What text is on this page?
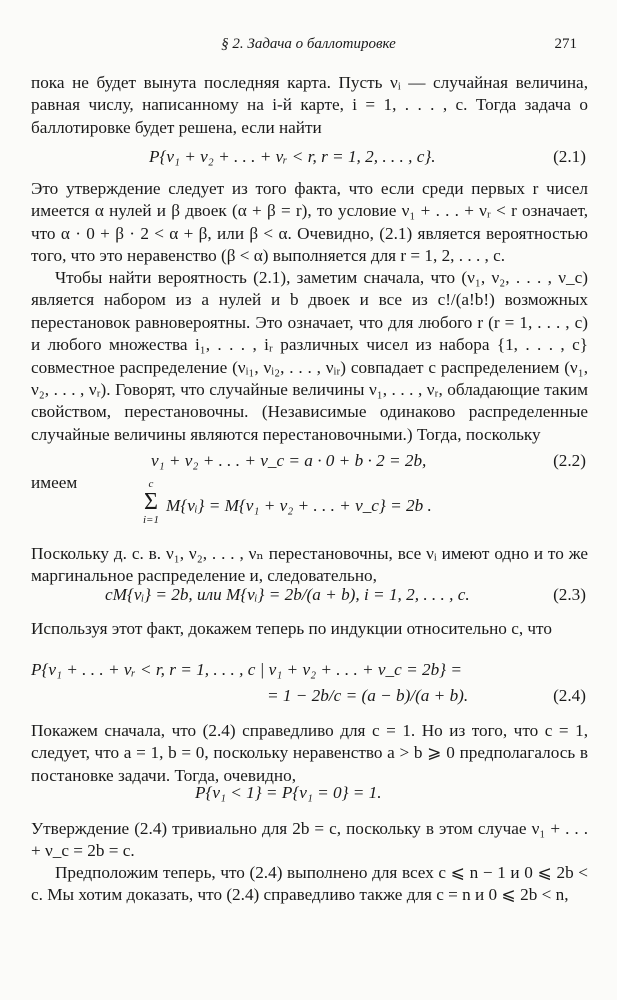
§ 2. Задача о баллотировке	271

пока не будет вынута последняя карта. Пусть νᵢ — случайная величина, равная числу, написанному на i-й карте, i = 1, . . . , c. Тогда задача о баллотировке будет решена, если найти

P{ν₁ + ν₂ + . . . + νᵣ < r, r = 1, 2, . . . , c}.	(2.1)

Это утверждение следует из того факта, что если среди первых r чисел имеется α нулей и β двоек (α + β = r), то условие ν₁ + . . . + νᵣ < r означает, что α · 0 + β · 2 < α + β, или β < α. Очевидно, (2.1) является вероятностью того, что это неравенство (β < α) выполняется для r = 1, 2, . . . , c.

Чтобы найти вероятность (2.1), заметим сначала, что (ν₁, ν₂, . . . , ν_c) является набором из a нулей и b двоек и все из c!/(a!b!) возможных перестановок равновероятны. Это означает, что для любого r (r = 1, . . . , c) и любого множества i₁, . . . , iᵣ различных чисел из набора {1, . . . , c} совместное распределение (νᵢ₁, νᵢ₂, . . . , νᵢᵣ) совпадает с распределением (ν₁, ν₂, . . . , νᵣ). Говорят, что случайные величины ν₁, . . . , νᵣ, обладающие таким свойством, перестановочны. (Независимые одинаково распределенные случайные величины являются перестановочными.) Тогда, поскольку

ν₁ + ν₂ + . . . + ν_c = a · 0 + b · 2 = 2b,	(2.2)

имеем	c
Σ
i=1
M{νᵢ} = M{ν₁ + ν₂ + . . . + ν_c} = 2b .

Поскольку д. с. в. ν₁, ν₂, . . . , νₙ перестановочны, все νᵢ имеют одно и то же маргинальное распределение и, следовательно,

cM{νᵢ} = 2b, или M{νᵢ} = 2b/(a + b), i = 1, 2, . . . , c.	(2.3)

Используя этот факт, докажем теперь по индукции относительно c, что

P{ν₁ + . . . + νᵣ < r, r = 1, . . . , c | ν₁ + ν₂ + . . . + ν_c = 2b} =
= 1 − 2b/c = (a − b)/(a + b).	(2.4)

Покажем сначала, что (2.4) справедливо для c = 1. Но из того, что c = 1, следует, что a = 1, b = 0, поскольку неравенство a > b ⩾ 0 предполагалось в постановке задачи. Тогда, очевидно,

P{ν₁ < 1} = P{ν₁ = 0} = 1.

Утверждение (2.4) тривиально для 2b = c, поскольку в этом случае ν₁ + . . . + ν_c = 2b = c.

Предположим теперь, что (2.4) выполнено для всех c ⩽ n − 1 и 0 ⩽ 2b < c. Мы хотим доказать, что (2.4) справедливо также для c = n и 0 ⩽ 2b < n,
